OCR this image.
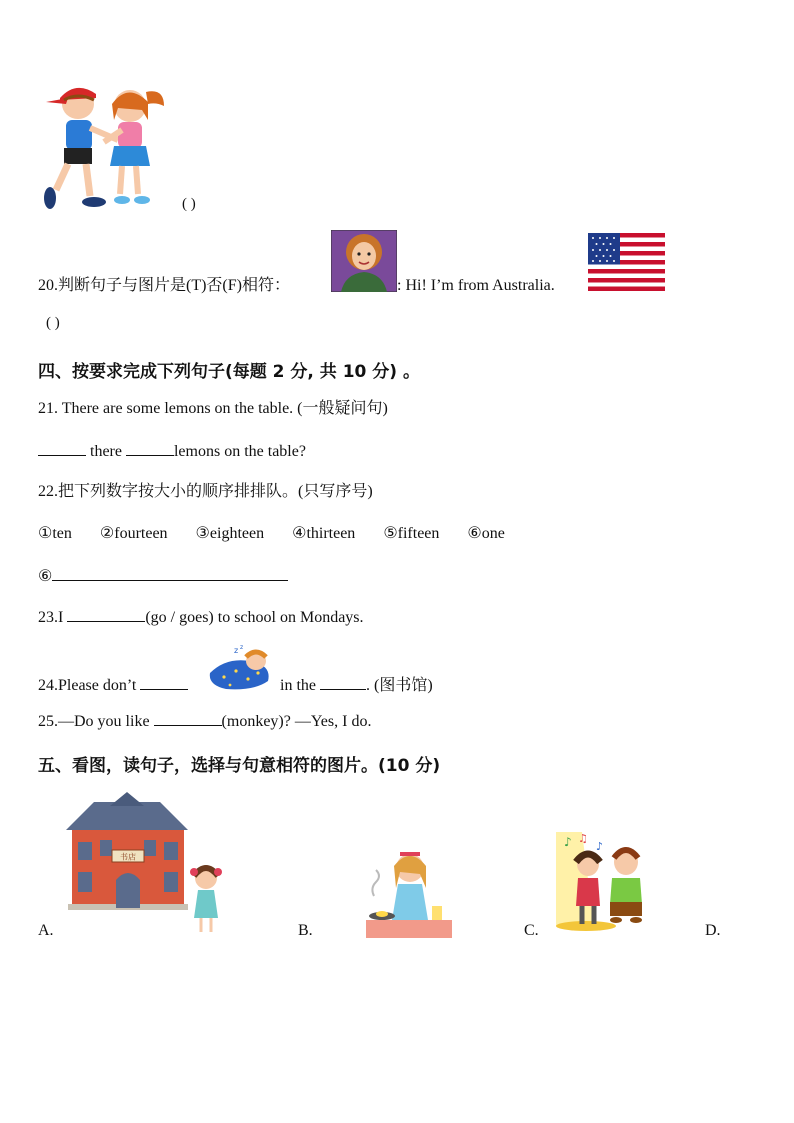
( )
20.判断句子与图片是(T)否(F)相符：	: Hi! I’m from Australia.
( )
四、按要求完成下列句子(每题 2 分, 共 10 分) 。
21. There are some lemons on the table. (一般疑问句)
there	lemons on the table?
22.把下列数字按大小的顺序排排队。(只写序号)
①ten ②fourteen ③eighteen ④thirteen ⑤fifteen ⑥one
⑥
23.I	(go / goes) to school on Mondays.
24.Please don’t
z z
in the	. (图书馆)
25.—Do you like	(monkey)? —Yes, I do.
五、看图，读句子，选择与句意相符的图片。(10 分)
书店
A.	B.	C.
♪ ♫
♪
D.
